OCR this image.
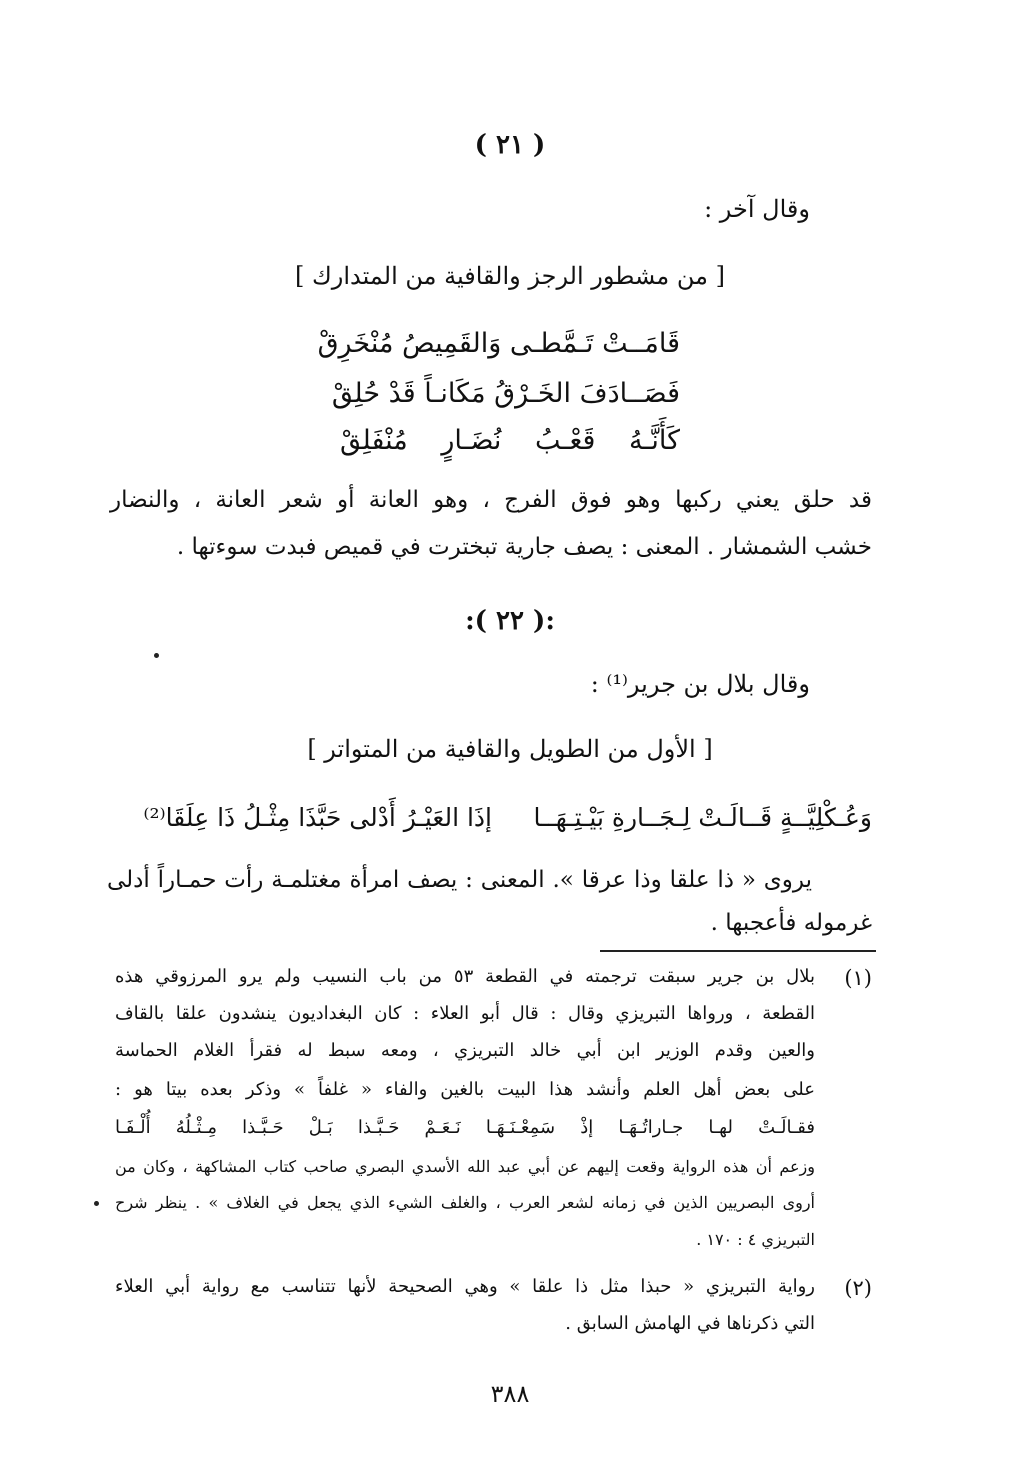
( ٢١ )
وقال آخر :
[ من مشطور الرجز والقافية من المتدارك ]
قَامَــتْ تَـمَّطـى وَالقَمِيصُ مُنْخَرِقْ
فَصَــادَفَ الخَـرْقُ مَكَانـاً قَدْ حُلِقْ
كَأَنَّـهُ قَعْـبُ نُضَـارٍ مُنْفَلِقْ
قد حلق يعني ركبها وهو فوق الفرج ، وهو العانة أو شعر العانة ، والنضار
خشب الشمشار . المعنى : يصف جارية تبخترت في قميص فبدت سوءتها .
:( ٢٢ ):
وقال بلال بن جرير⁽¹⁾ :
[ الأول من الطويل والقافية من المتواتر ]
وَعُـكْلِيَّــةٍ قَــالَـتْ لِـجَــارةِ بَيْـتِـهَــا
إذَا العَيْـرُ أَدْلى حَبَّذَا مِثْـلُ ذَا عِلَقَا⁽²⁾
يروى « ذا علقا وذا عرقا ». المعنى : يصف امرأة مغتلمـة رأت حمـاراً أدلى
غرموله فأعجبها .
(١)
بلال بن جرير سبقت ترجمته في القطعة ٥٣ من باب النسيب ولم يرو المرزوقي هذه
القطعة ، ورواها التبريزي وقال : قال أبو العلاء : كان البغداديون ينشدون علقا بالقاف
والعين وقدم الوزير ابن أبي خالد التبريزي ، ومعه سبط له فقرأ الغلام الحماسة
على بعض أهل العلم وأنشد هذا البيت بالغين والفاء « غلفاً » وذكر بعده بيتا هو :
فقـالَـتْ لهـا جـاراتُـهَـا إذْ سَمِعْـنَـهَـا نَـعَـمْ حَـبَّـذا بَـلْ حَـبَّـذا مِـثْـلُهُ أُلْـفَـا
وزعم أن هذه الرواية وقعت إليهم عن أبي عبد الله الأسدي البصري صاحب كتاب المشاكهة ، وكان من
أروى البصريين الذين في زمانه لشعر العرب ، والغلف الشيء الذي يجعل في الغلاف » . ينظر شرح
التبريزي ٤ : ١٧٠ .
(٢)
رواية التبريزي « حبذا مثل ذا علقا » وهي الصحيحة لأنها تتناسب مع رواية أبي العلاء
التي ذكرناها في الهامش السابق .
٣٨٨
